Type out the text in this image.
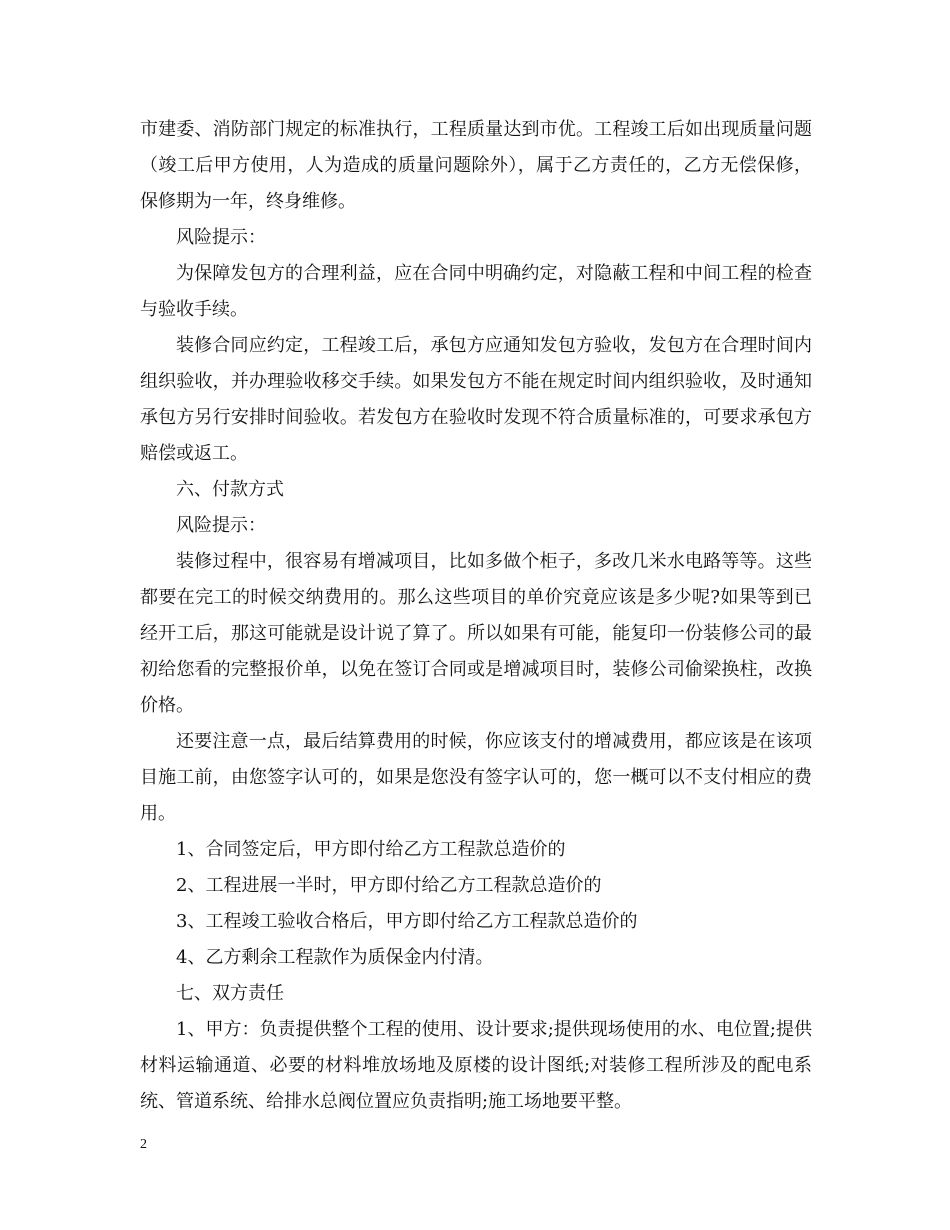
市建委、消防部门规定的标准执行，工程质量达到市优。工程竣工后如出现质量问题（竣工后甲方使用，人为造成的质量问题除外），属于乙方责任的，乙方无偿保修，保修期为一年，终身维修。

风险提示：

为保障发包方的合理利益，应在合同中明确约定，对隐蔽工程和中间工程的检查与验收手续。

装修合同应约定，工程竣工后，承包方应通知发包方验收，发包方在合理时间内组织验收，并办理验收移交手续。如果发包方不能在规定时间内组织验收，及时通知承包方另行安排时间验收。若发包方在验收时发现不符合质量标准的，可要求承包方赔偿或返工。

六、付款方式

风险提示：

装修过程中，很容易有增减项目，比如多做个柜子，多改几米水电路等等。这些都要在完工的时候交纳费用的。那么这些项目的单价究竟应该是多少呢?如果等到已经开工后，那这可能就是设计说了算了。所以如果有可能，能复印一份装修公司的最初给您看的完整报价单，以免在签订合同或是增减项目时，装修公司偷梁换柱，改换价格。

还要注意一点，最后结算费用的时候，你应该支付的增减费用，都应该是在该项目施工前，由您签字认可的，如果是您没有签字认可的，您一概可以不支付相应的费用。

1、合同签定后，甲方即付给乙方工程款总造价的

2、工程进展一半时，甲方即付给乙方工程款总造价的

3、工程竣工验收合格后，甲方即付给乙方工程款总造价的

4、乙方剩余工程款作为质保金内付清。

七、双方责任

1、甲方：负责提供整个工程的使用、设计要求;提供现场使用的水、电位置;提供材料运输通道、必要的材料堆放场地及原楼的设计图纸;对装修工程所涉及的配电系统、管道系统、给排水总阀位置应负责指明;施工场地要平整。

2
